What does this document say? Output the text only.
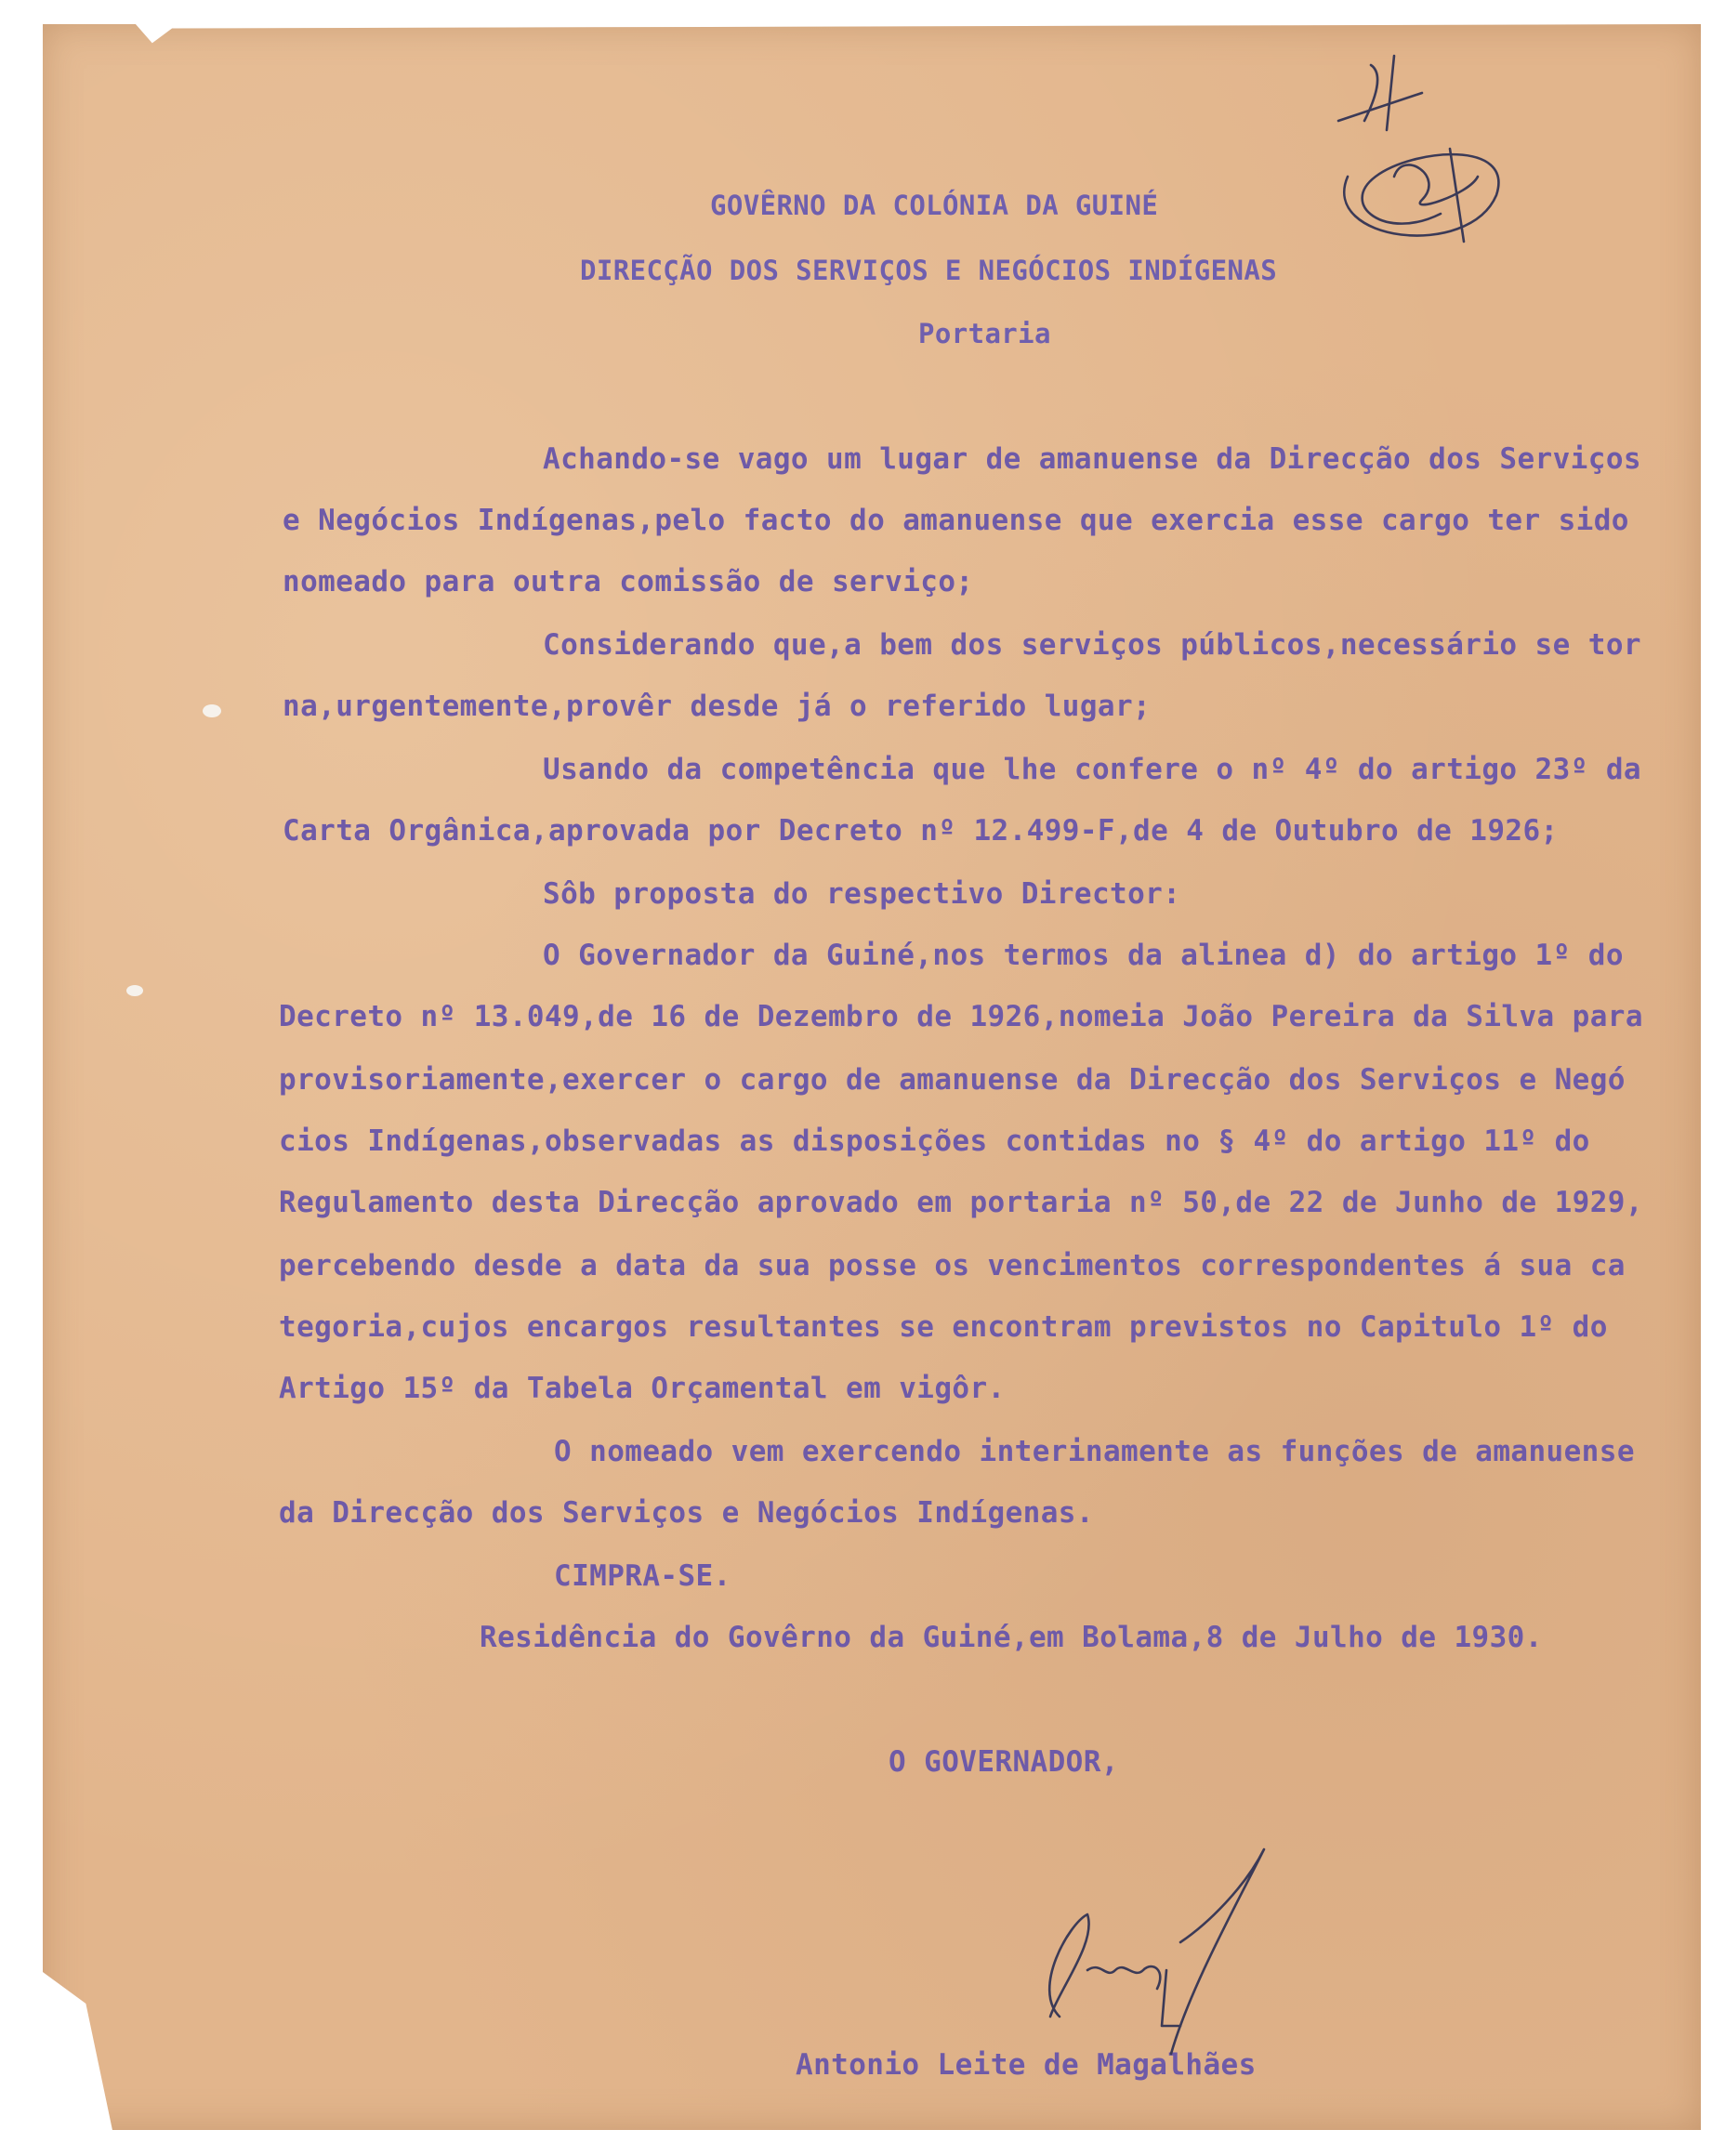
GOVÊRNO DA COLÓNIA DA GUINÉ

DIRECÇÃO DOS SERVIÇOS E NEGÓCIOS INDÍGENAS

Portaria

Achando-se vago um lugar de amanuense da Direcção dos Serviços

e Negócios Indígenas,pelo facto do amanuense que exercia esse cargo ter sido

nomeado para outra comissão de serviço;

Considerando que,a bem dos serviços públicos,necessário se tor

na,urgentemente,provêr desde já o referido lugar;

Usando da competência que lhe confere o nº 4º do artigo 23º da

Carta Orgânica,aprovada por Decreto nº 12.499-F,de 4 de Outubro de 1926;

Sôb proposta do respectivo Director:

O Governador da Guiné,nos termos da alinea d) do artigo 1º do

Decreto nº 13.049,de 16 de Dezembro de 1926,nomeia João Pereira da Silva para

provisoriamente,exercer o cargo de amanuense da Direcção dos Serviços e Negó

cios Indígenas,observadas as disposições contidas no § 4º do artigo 11º do

Regulamento desta Direcção aprovado em portaria nº 50,de 22 de Junho de 1929,

percebendo desde a data da sua posse os vencimentos correspondentes á sua ca

tegoria,cujos encargos resultantes se encontram previstos no Capitulo 1º do

Artigo 15º da Tabela Orçamental em vigôr.

O nomeado vem exercendo interinamente as funções de amanuense

da Direcção dos Serviços e Negócios Indígenas.

CIMPRA-SE.

Residência do Govêrno da Guiné,em Bolama,8 de Julho de 1930.

O GOVERNADOR,

Antonio Leite de Magalhães
